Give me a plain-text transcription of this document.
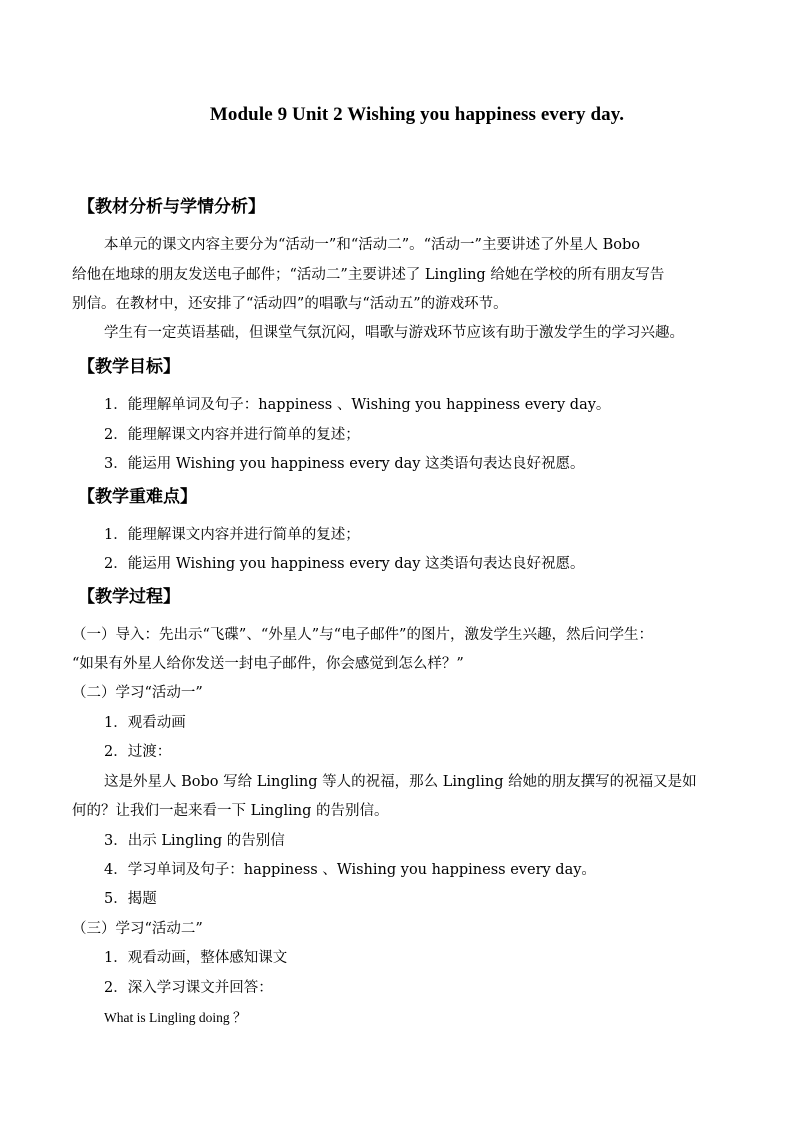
Module 9 Unit 2 Wishing you happiness every day.
【教材分析与学情分析】
本单元的课文内容主要分为“活动一”和“活动二”。“活动一”主要讲述了外星人 Bobo
给他在地球的朋友发送电子邮件；“活动二”主要讲述了 Lingling 给她在学校的所有朋友写告
别信。在教材中，还安排了“活动四”的唱歌与“活动五”的游戏环节。
学生有一定英语基础，但课堂气氛沉闷，唱歌与游戏环节应该有助于激发学生的学习兴趣。
【教学目标】
1．能理解单词及句子：happiness 、Wishing you happiness every day。
2．能理解课文内容并进行简单的复述；
3．能运用 Wishing you happiness every day 这类语句表达良好祝愿。
【教学重难点】
1．能理解课文内容并进行简单的复述；
2．能运用 Wishing you happiness every day 这类语句表达良好祝愿。
【教学过程】
（一）导入：先出示“飞碟”、“外星人”与“电子邮件”的图片，激发学生兴趣，然后问学生：
“如果有外星人给你发送一封电子邮件，你会感觉到怎么样？”
（二）学习“活动一”
1．观看动画
2．过渡：
这是外星人 Bobo 写给 Lingling 等人的祝福，那么 Lingling 给她的朋友撰写的祝福又是如
何的？让我们一起来看一下 Lingling 的告别信。
3．出示 Lingling 的告别信
4．学习单词及句子：happiness 、Wishing you happiness every day。
5．揭题
（三）学习“活动二”
1．观看动画，整体感知课文
2．深入学习课文并回答：
What is Lingling doing ？
